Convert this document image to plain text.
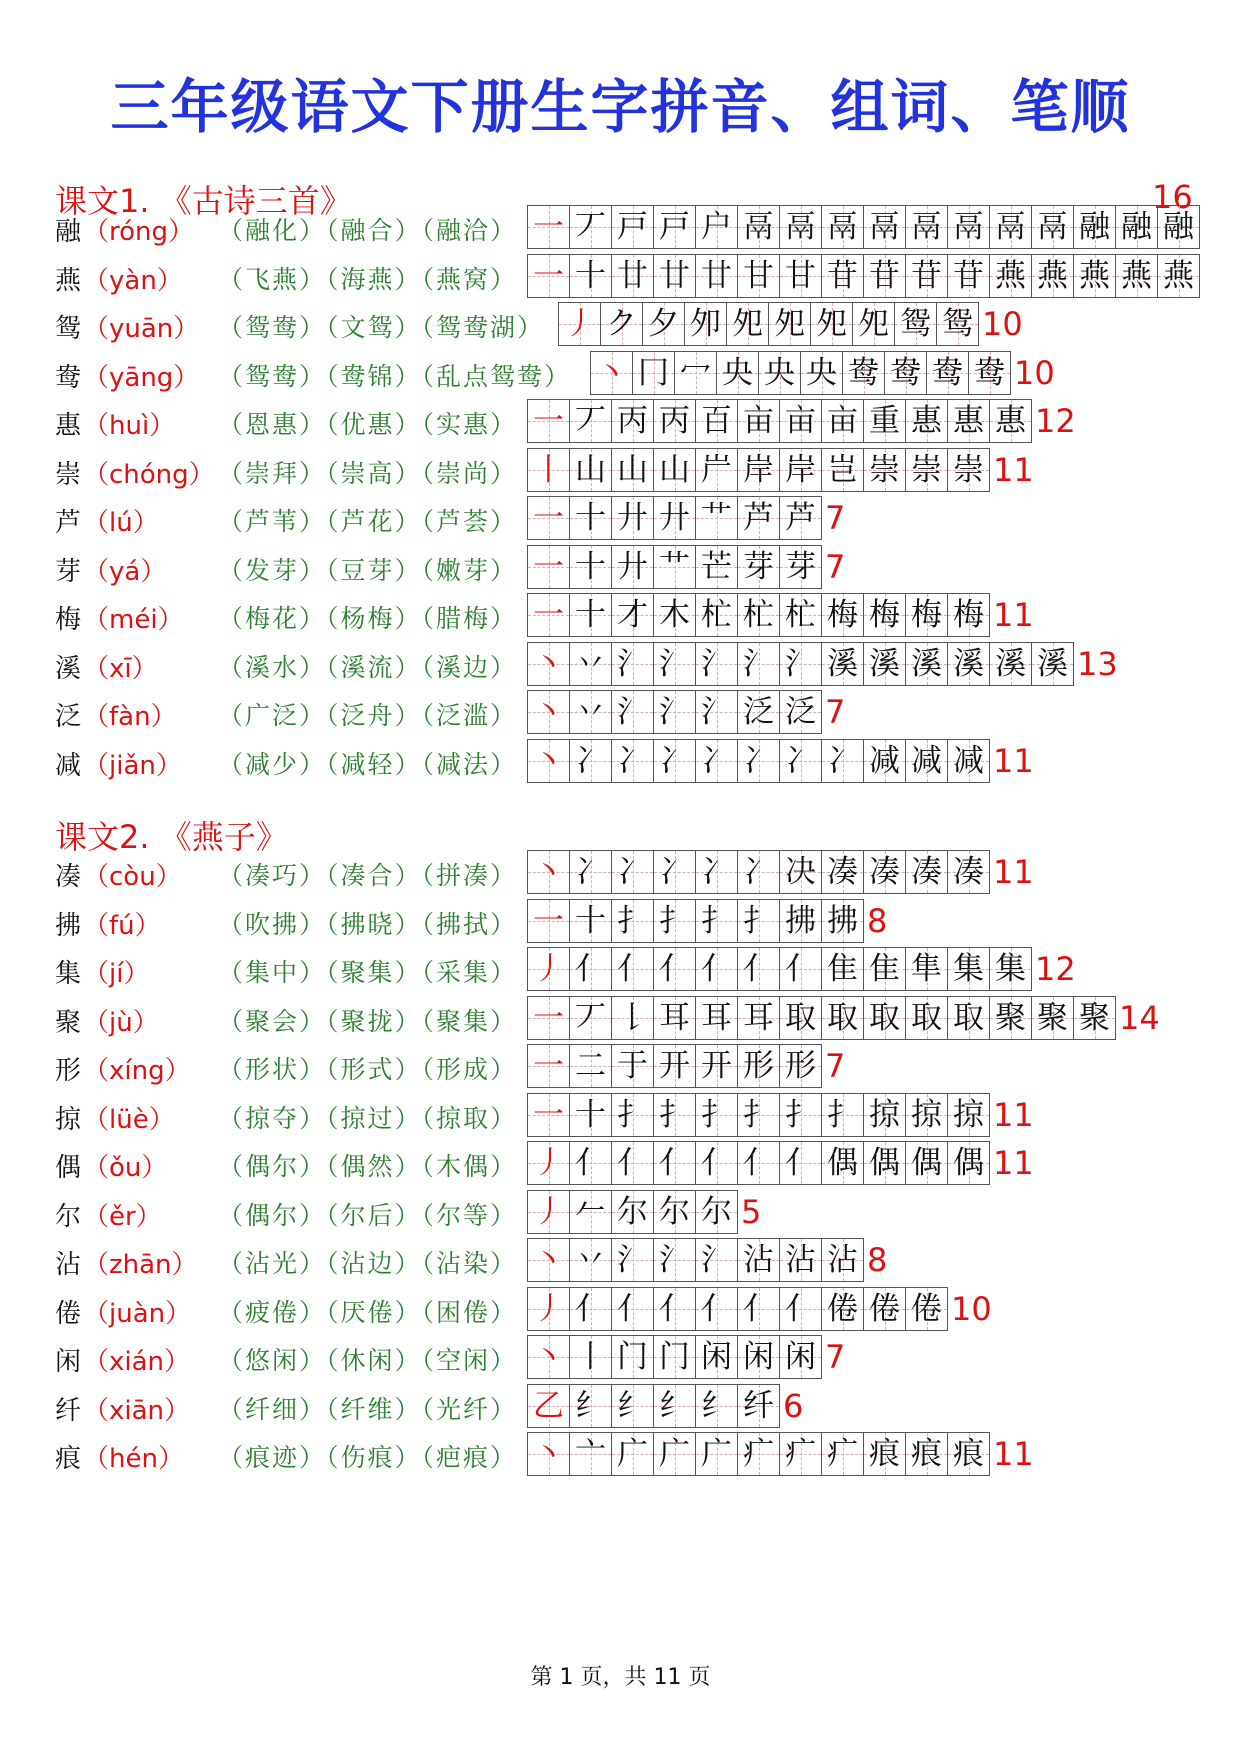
三年级语文下册生字拼音、组词、笔顺
课文1. 《古诗三首》	16
融 （róng） （融化）（融合）（融洽） 一 丆 戸 戸 户 鬲 鬲 鬲 鬲 鬲 鬲 鬲 鬲 融 融 融
燕 （yàn） （飞燕）（海燕）（燕窝） 一 十 廿 廿 廿 甘 甘 苷 苷 苷 苷 燕 燕 燕 燕 燕
鸳 （yuān） （鸳鸯）（文鸳）（鸳鸯湖） 丿 ク 夕 夘 夗 夗 夗 夗 鸳 鸳 10
鸯 （yāng） （鸳鸯）（鸯锦）（乱点鸳鸯） 丶 冂 冖 央 央 央 鸯 鸯 鸯 鸯 10
惠 （huì） （恩惠）（优惠）（实惠） 一 丆 丙 丙 百 亩 亩 亩 重 惠 惠 惠 12
崇 （chóng） （崇拜）（崇高）（崇尚） 丨 山 山 山 屵 岸 岸 岂 崇 崇 崇 11
芦 （lú） （芦苇）（芦花）（芦荟） 一 十 廾 廾 艹 芦 芦 7
芽 （yá） （发芽）（豆芽）（嫩芽） 一 十 廾 艹 芒 芽 芽 7
梅 （méi） （梅花）（杨梅）（腊梅） 一 十 才 木 杧 杧 杧 梅 梅 梅 梅 11
溪 （xī） （溪水）（溪流）（溪边） 丶 丷 氵 氵 氵 氵 氵 溪 溪 溪 溪 溪 溪 13
泛 （fàn） （广泛）（泛舟）（泛滥） 丶 丷 氵 氵 氵 泛 泛 7
减 （jiǎn） （减少）（减轻）（减法） 丶 冫 冫 冫 冫 冫 冫 冫 减 减 减 11
课文2. 《燕子》
凑 （còu） （凑巧）（凑合）（拼凑） 丶 冫 冫 冫 冫 冫 决 凑 凑 凑 凑 11
拂 （fú） （吹拂）（拂晓）（拂拭） 一 十 扌 扌 扌 扌 拂 拂 8
集 （jí）	（集中）（聚集）（采集） 丿 亻 亻 亻 亻 亻 亻 隹 隹 隼 集 集 12
聚 （jù） （聚会）（聚拢）（聚集） 一 丆 𠄌 耳 耳 耳 取 取 取 取 取 聚 聚 聚 14
形 （xíng） （形状）（形式）（形成） 一 二 于 开 开 形 形 7
掠 （lüè） （掠夺）（掠过）（掠取） 一 十 扌 扌 扌 扌 扌 扌 掠 掠 掠 11
偶 （ǒu） （偶尔）（偶然）（木偶） 丿 亻 亻 亻 亻 亻 亻 偶 偶 偶 偶 11
尔 （ěr） （偶尔）（尔后）（尔等） 丿 𠂉 尔 尔 尔 5
沾 （zhān） （沾光）（沾边）（沾染） 丶 丷 氵 氵 氵 沾 沾 沾 8
倦 （juàn） （疲倦）（厌倦）（困倦） 丿 亻 亻 亻 亻 亻 亻 倦 倦 倦 10
闲 （xián） （悠闲）（休闲）（空闲） 丶 丨 门 门 闲 闲 闲 7
纤 （xiān） （纤细）（纤维）（光纤） 乙 纟 纟 纟 纟 纤 6
痕 （hén） （痕迹）（伤痕）（疤痕） 丶 亠 广 广 广 疒 疒 疒 痕 痕 痕 11
第 1 页，共 11 页
